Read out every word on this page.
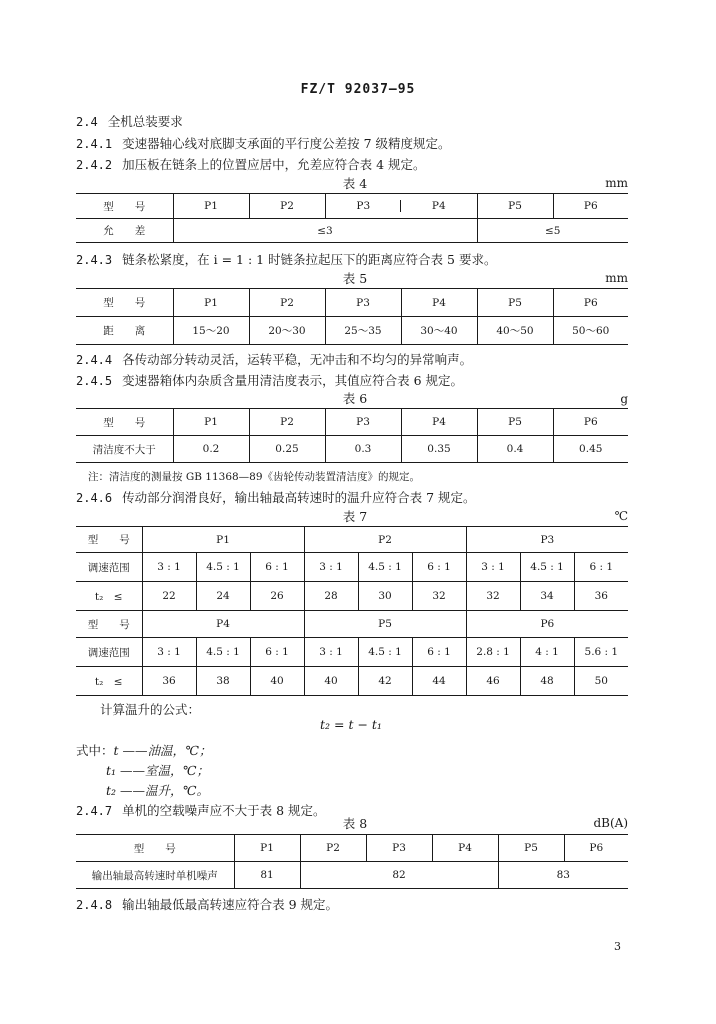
FZ/T 92037—95
2.4 全机总装要求
2.4.1 变速器轴心线对底脚支承面的平行度公差按 7 级精度规定。
2.4.2 加压板在链条上的位置应居中，允差应符合表 4 规定。
表 4	mm
型　　号	P1	P2	P3 P4	P5	P6
允　　差	≤3			≤5	
2.4.3 链条松紧度，在 i = 1 : 1 时链条拉起压下的距离应符合表 5 要求。
表 5	mm
型　　号	P1	P2	P3	P4	P5	P6
距　　离	15～20	20～30	25～35	30～40	40～50	50～60
2.4.4 各传动部分转动灵活，运转平稳，无冲击和不均匀的异常响声。
2.4.5 变速器箱体内杂质含量用清洁度表示，其值应符合表 6 规定。
表 6	g
型　　号	P1	P2	P3	P4	P5	P6
清洁度不大于	0.2	0.25	0.3	0.35	0.4	0.45
注：清洁度的测量按 GB 11368—89《齿轮传动装置清洁度》的规定。
2.4.6 传动部分润滑良好，输出轴最高转速时的温升应符合表 7 规定。
表 7	℃
型　　号	P1			P2			P3		
调速范围	3 : 1	4.5 : 1	6 : 1	3 : 1	4.5 : 1	6 : 1	3 : 1	4.5 : 1	6 : 1
t₂　≤	22	24	26	28	30	32	32	34	36
型　　号	P4			P5			P6		
调速范围	3 : 1	4.5 : 1	6 : 1	3 : 1	4.5 : 1	6 : 1	2.8 : 1	4 : 1	5.6 : 1
t₂　≤	36	38	40	40	42	44	46	48	50
计算温升的公式：
t₂ = t − t₁
式中：t ——油温，℃；
t₁ ——室温，℃；
t₂ ——温升，℃。
2.4.7 单机的空载噪声应不大于表 8 规定。
表 8	dB(A)
型　　号	P1	P2	P3	P4	P5	P6
输出轴最高转速时单机噪声	81	82			83	
2.4.8 输出轴最低最高转速应符合表 9 规定。
3
